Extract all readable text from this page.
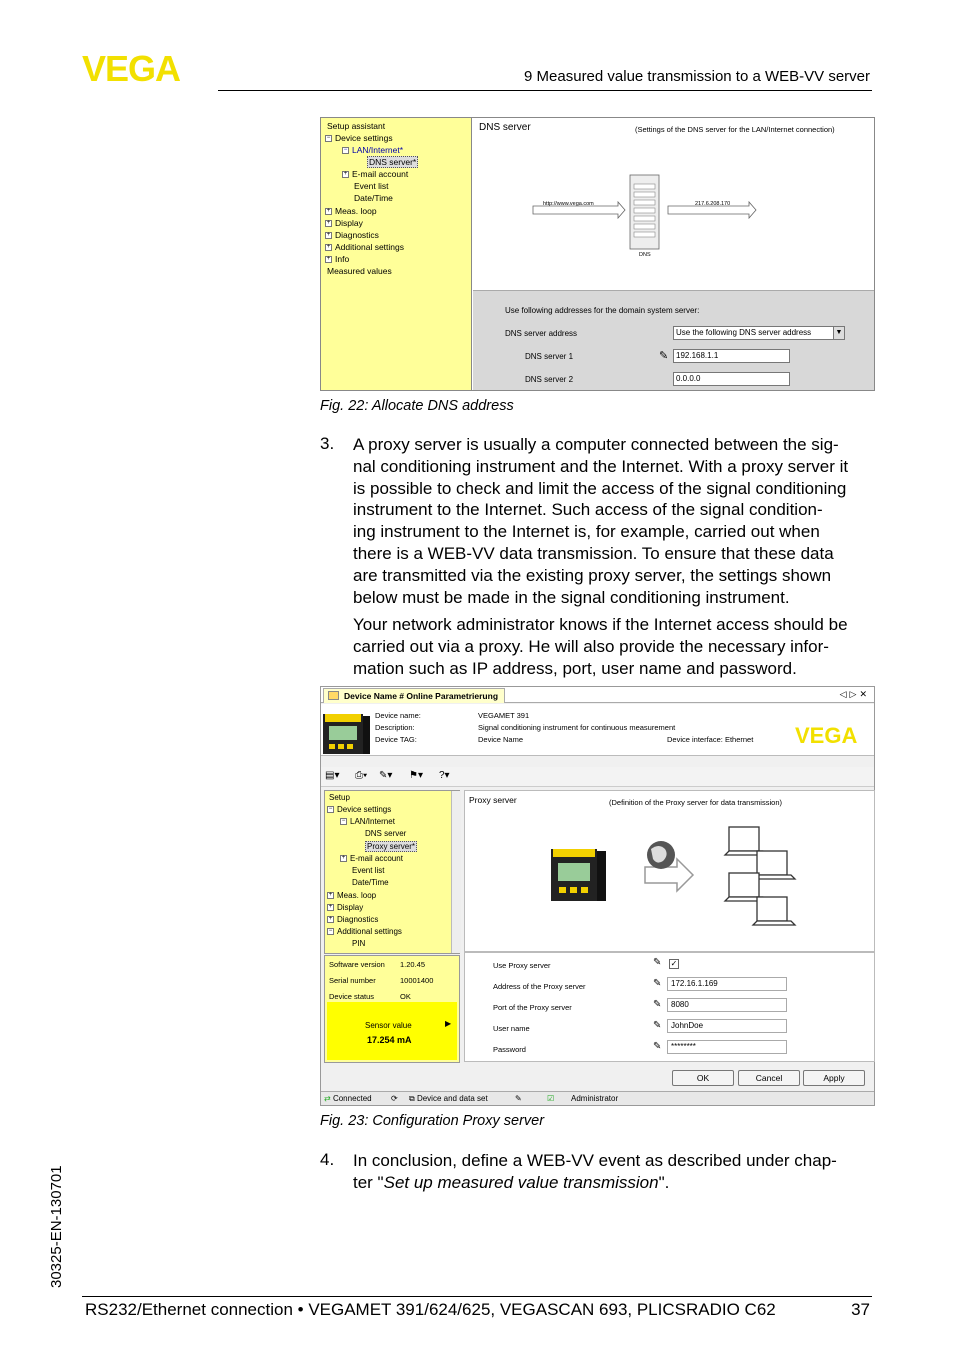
VEGA	9 Measured value transmission to a WEB-VV server
Setup assistant
− Device settings
− LAN/Internet*
DNS server*
+ E-mail account
Event list
Date/Time
+ Meas. loop
+ Display
+ Diagnostics
+ Additional settings
+ Info
Measured values
DNS server	(Settings of the DNS server for the LAN/Internet connection)
http://www.vega.com	217.6.208.170
DNS
Use following addresses for the domain system server:
DNS server address	Use the following DNS server address	▼
DNS server 1	✎ 192.168.1.1
DNS server 2	0.0.0.0
Fig. 22: Allocate DNS address
3. A proxy server is usually a computer connected between the sig-
nal conditioning instrument and the Internet. With a proxy server it
is possible to check and limit the access of the signal conditioning
instrument to the Internet. Such access of the signal condition-
ing instrument to the Internet is, for example, carried out when
there is a WEB-VV data transmission. To ensure that these data
are transmitted via the existing proxy server, the settings shown
below must be made in the signal conditioning instrument.
Your network administrator knows if the Internet access should be
carried out via a proxy. He will also provide the necessary infor-
mation such as IP address, port, user name and password.
Device Name # Online Parametrierung	◁▷✕
Device name:	VEGAMET 391
Description:	Signal conditioning instrument for continuous measurement
Device TAG:	Device Name	Device interface: Ethernet VEGA
▤▾ ⎙▾ ✎▾ ⚑▾ ?▾
Setup
− Device settings
− LAN/Internet
DNS server
Proxy server*
+ E-mail account
Event list
Date/Time
+ Meas. loop
+ Display
+ Diagnostics
− Additional settings
PIN
Software version 1.20.45
Serial number	10001400
Device status	OK
Sensor value	▶
17.254 mA
Proxy server	(Definition of the Proxy server for data transmission)
Use Proxy server	✎ ✓
Address of the Proxy server	✎	172.16.1.169
Port of the Proxy server	✎	8080
User name	✎	JohnDoe
Password	✎	********
OK	Cancel	Apply
⇄ Connected ⟳ ⧉ Device and data set	✎	☑ Administrator
Fig. 23: Configuration Proxy server
4. In conclusion, define a WEB-VV event as described under chap-
ter "Set up measured value transmission".
30325-EN-130701
RS232/Ethernet connection • VEGAMET 391/624/625, VEGASCAN 693, PLICSRADIO C62	37
